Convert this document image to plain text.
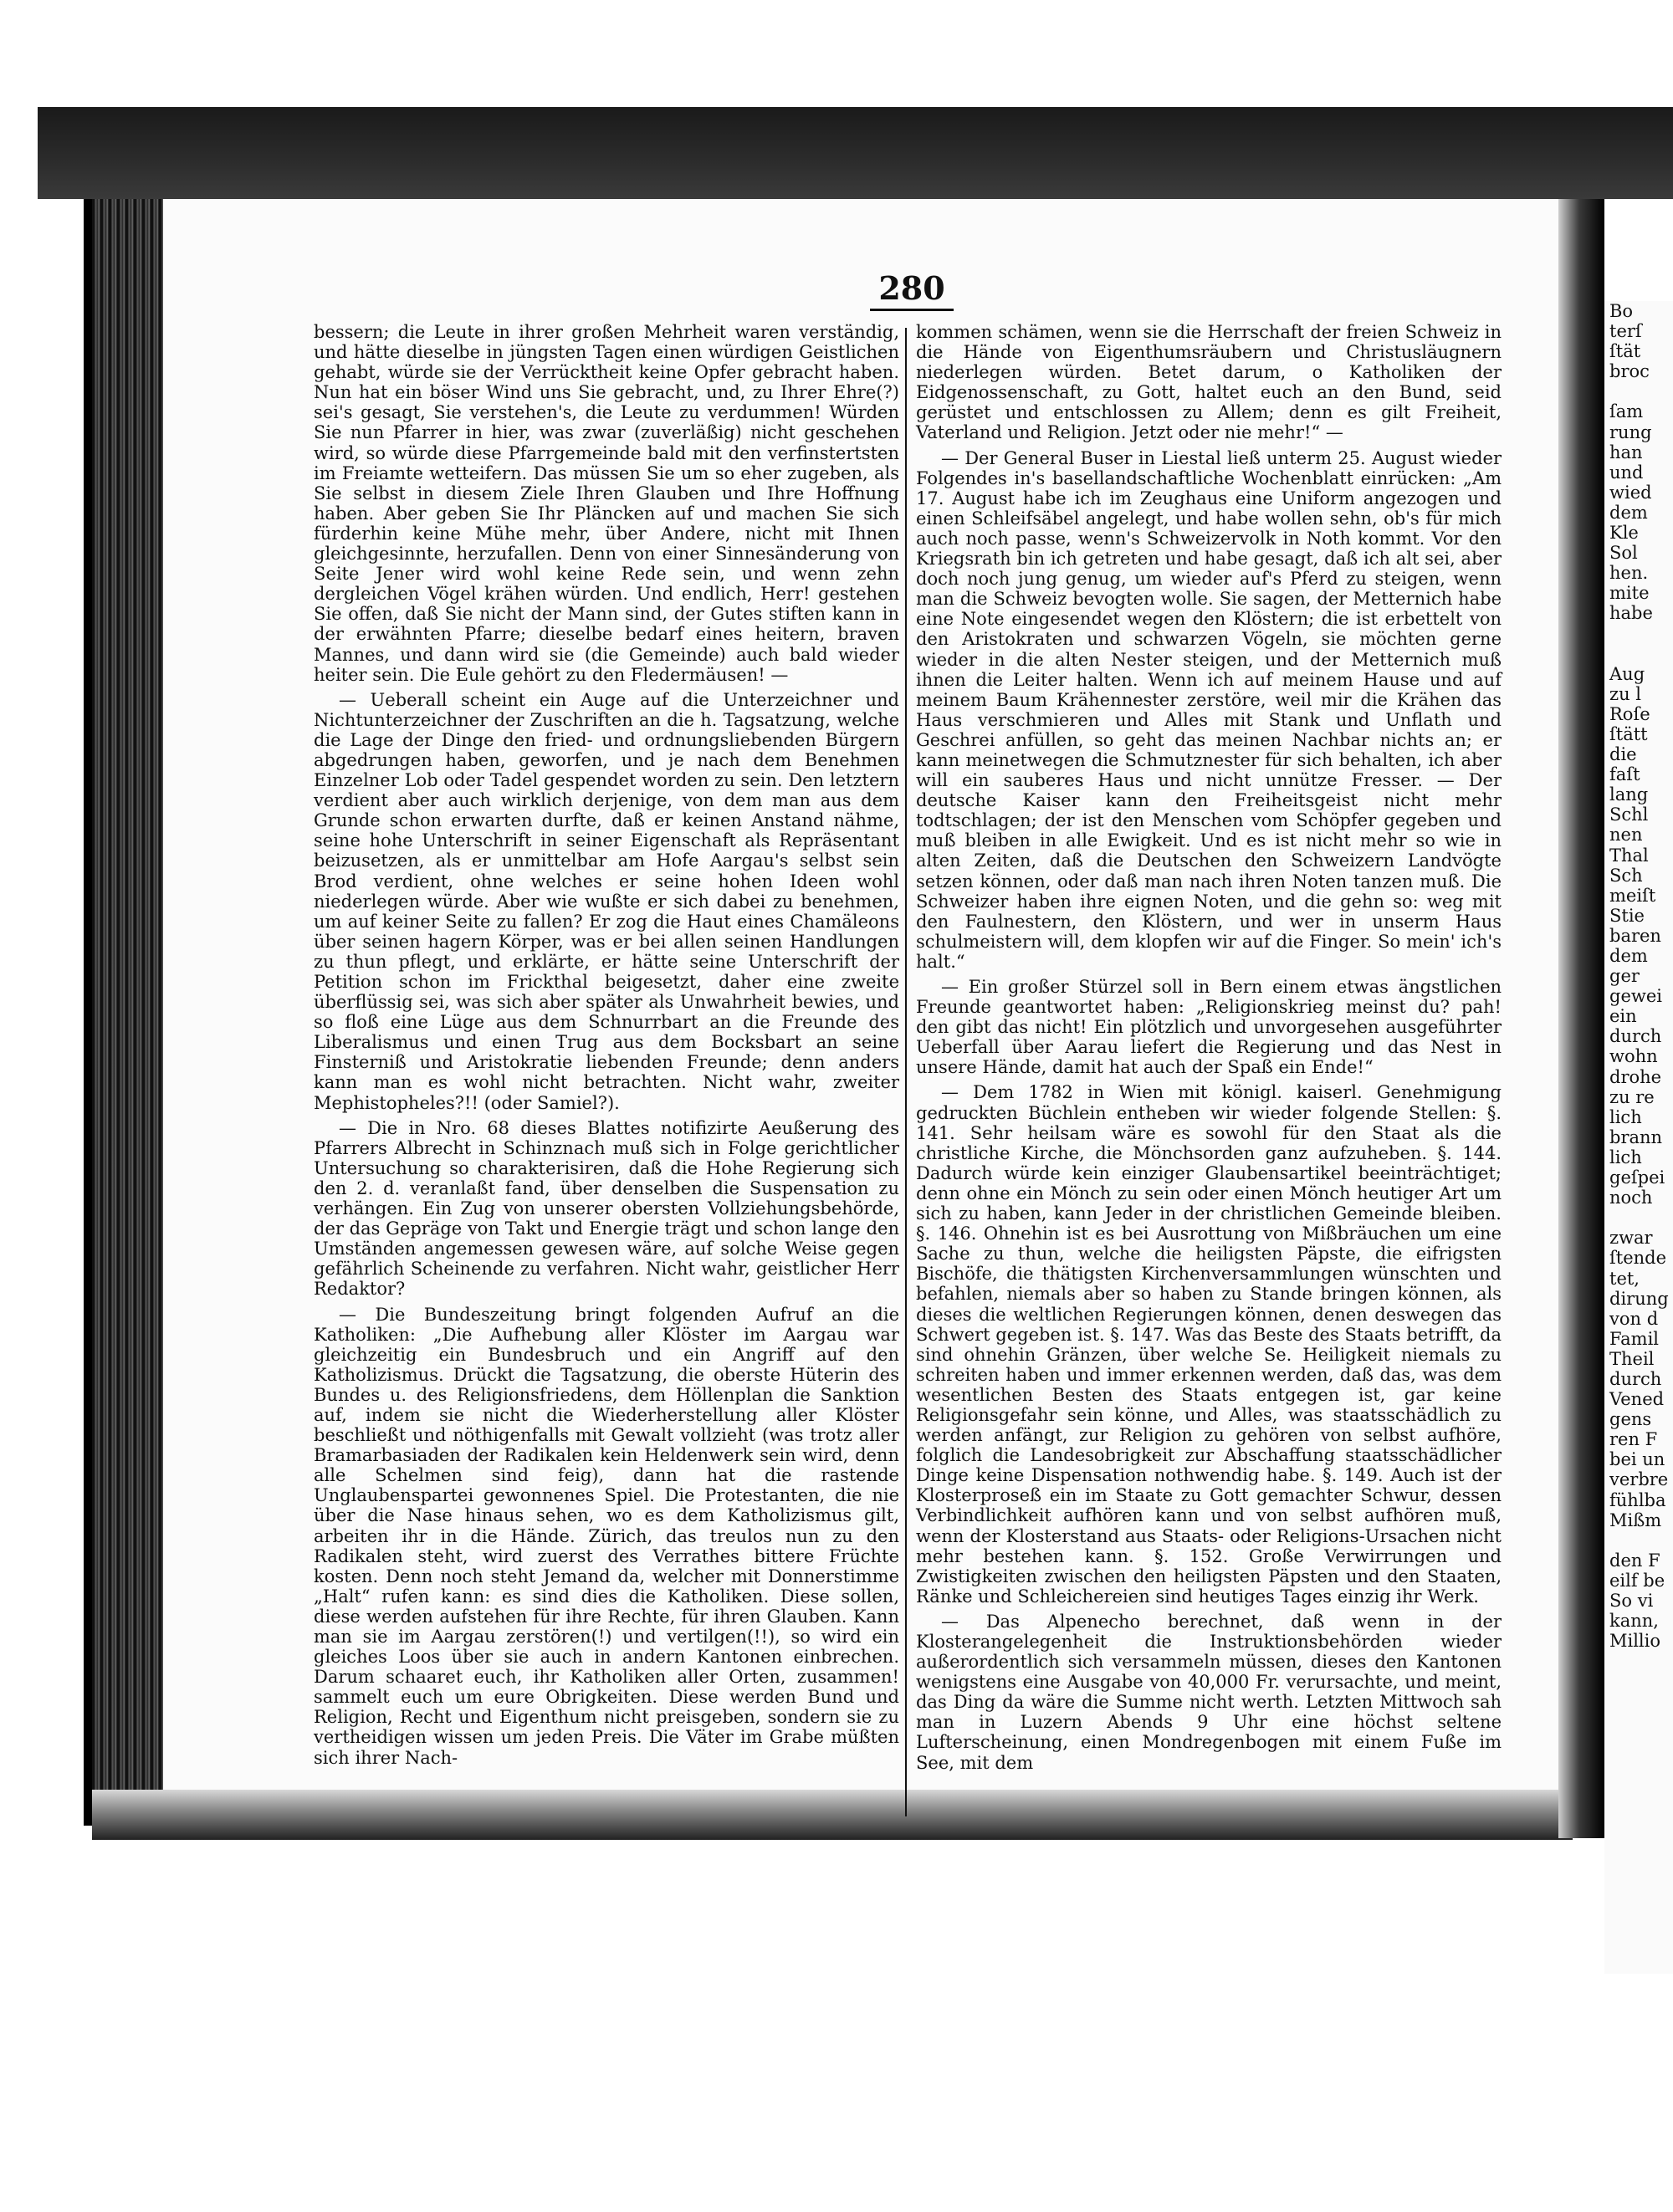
280

bessern; die Leute in ihrer großen Mehrheit waren verständig, und hätte dieselbe in jüngsten Tagen einen würdigen Geistlichen gehabt, würde sie der Verrücktheit keine Opfer gebracht haben. Nun hat ein böser Wind uns Sie gebracht, und, zu Ihrer Ehre(?) sei's gesagt, Sie verstehen's, die Leute zu verdummen! Würden Sie nun Pfarrer in hier, was zwar (zuverläßig) nicht geschehen wird, so würde diese Pfarrgemeinde bald mit den verfinstertsten im Freiamte wetteifern. Das müssen Sie um so eher zugeben, als Sie selbst in diesem Ziele Ihren Glauben und Ihre Hoffnung haben. Aber geben Sie Ihr Pläncken auf und machen Sie sich fürderhin keine Mühe mehr, über Andere, nicht mit Ihnen gleichgesinnte, herzufallen. Denn von einer Sinnesänderung von Seite Jener wird wohl keine Rede sein, und wenn zehn dergleichen Vögel krähen würden. Und endlich, Herr! gestehen Sie offen, daß Sie nicht der Mann sind, der Gutes stiften kann in der erwähnten Pfarre; dieselbe bedarf eines heitern, braven Mannes, und dann wird sie (die Gemeinde) auch bald wieder heiter sein. Die Eule gehört zu den Fledermäusen! —

— Ueberall scheint ein Auge auf die Unterzeichner und Nichtunterzeichner der Zuschriften an die h. Tagsatzung, welche die Lage der Dinge den fried- und ordnungsliebenden Bürgern abgedrungen haben, geworfen, und je nach dem Benehmen Einzelner Lob oder Tadel gespendet worden zu sein. Den letztern verdient aber auch wirklich derjenige, von dem man aus dem Grunde schon erwarten durfte, daß er keinen Anstand nähme, seine hohe Unterschrift in seiner Eigenschaft als Repräsentant beizusetzen, als er unmittelbar am Hofe Aargau's selbst sein Brod verdient, ohne welches er seine hohen Ideen wohl niederlegen würde. Aber wie wußte er sich dabei zu benehmen, um auf keiner Seite zu fallen? Er zog die Haut eines Chamäleons über seinen hagern Körper, was er bei allen seinen Handlungen zu thun pflegt, und erklärte, er hätte seine Unterschrift der Petition schon im Frickthal beigesetzt, daher eine zweite überflüssig sei, was sich aber später als Unwahrheit bewies, und so floß eine Lüge aus dem Schnurrbart an die Freunde des Liberalismus und einen Trug aus dem Bocksbart an seine Finsterniß und Aristokratie liebenden Freunde; denn anders kann man es wohl nicht betrachten. Nicht wahr, zweiter Mephistopheles?!! (oder Samiel?).

— Die in Nro. 68 dieses Blattes notifizirte Aeußerung des Pfarrers Albrecht in Schinznach muß sich in Folge gerichtlicher Untersuchung so charakterisiren, daß die Hohe Regierung sich den 2. d. veranlaßt fand, über denselben die Suspensation zu verhängen. Ein Zug von unserer obersten Vollziehungsbehörde, der das Gepräge von Takt und Energie trägt und schon lange den Umständen angemessen gewesen wäre, auf solche Weise gegen gefährlich Scheinende zu verfahren. Nicht wahr, geistlicher Herr Redaktor?

— Die Bundeszeitung bringt folgenden Aufruf an die Katholiken: „Die Aufhebung aller Klöster im Aargau war gleichzeitig ein Bundesbruch und ein Angriff auf den Katholizismus. Drückt die Tagsatzung, die oberste Hüterin des Bundes u. des Religionsfriedens, dem Höllenplan die Sanktion auf, indem sie nicht die Wiederherstellung aller Klöster beschließt und nöthigenfalls mit Gewalt vollzieht (was trotz aller Bramarbasiaden der Radikalen kein Heldenwerk sein wird, denn alle Schelmen sind feig), dann hat die rastende Unglaubenspartei gewonnenes Spiel. Die Protestanten, die nie über die Nase hinaus sehen, wo es dem Katholizismus gilt, arbeiten ihr in die Hände. Zürich, das treulos nun zu den Radikalen steht, wird zuerst des Verrathes bittere Früchte kosten. Denn noch steht Jemand da, welcher mit Donnerstimme „Halt“ rufen kann: es sind dies die Katholiken. Diese sollen, diese werden aufstehen für ihre Rechte, für ihren Glauben. Kann man sie im Aargau zerstören(!) und vertilgen(!!), so wird ein gleiches Loos über sie auch in andern Kantonen einbrechen. Darum schaaret euch, ihr Katholiken aller Orten, zusammen! sammelt euch um eure Obrigkeiten. Diese werden Bund und Religion, Recht und Eigenthum nicht preisgeben, sondern sie zu vertheidigen wissen um jeden Preis. Die Väter im Grabe müßten sich ihrer Nach-

kommen schämen, wenn sie die Herrschaft der freien Schweiz in die Hände von Eigenthumsräubern und Christusläugnern niederlegen würden. Betet darum, o Katholiken der Eidgenossenschaft, zu Gott, haltet euch an den Bund, seid gerüstet und entschlossen zu Allem; denn es gilt Freiheit, Vaterland und Religion. Jetzt oder nie mehr!“ —

— Der General Buser in Liestal ließ unterm 25. August wieder Folgendes in's basellandschaftliche Wochenblatt einrücken: „Am 17. August habe ich im Zeughaus eine Uniform angezogen und einen Schleifsäbel angelegt, und habe wollen sehn, ob's für mich auch noch passe, wenn's Schweizervolk in Noth kommt. Vor den Kriegsrath bin ich getreten und habe gesagt, daß ich alt sei, aber doch noch jung genug, um wieder auf's Pferd zu steigen, wenn man die Schweiz bevogten wolle. Sie sagen, der Metternich habe eine Note eingesendet wegen den Klöstern; die ist erbettelt von den Aristokraten und schwarzen Vögeln, sie möchten gerne wieder in die alten Nester steigen, und der Metternich muß ihnen die Leiter halten. Wenn ich auf meinem Hause und auf meinem Baum Krähennester zerstöre, weil mir die Krähen das Haus verschmieren und Alles mit Stank und Unflath und Geschrei anfüllen, so geht das meinen Nachbar nichts an; er kann meinetwegen die Schmutznester für sich behalten, ich aber will ein sauberes Haus und nicht unnütze Fresser. — Der deutsche Kaiser kann den Freiheitsgeist nicht mehr todtschlagen; der ist den Menschen vom Schöpfer gegeben und muß bleiben in alle Ewigkeit. Und es ist nicht mehr so wie in alten Zeiten, daß die Deutschen den Schweizern Landvögte setzen können, oder daß man nach ihren Noten tanzen muß. Die Schweizer haben ihre eignen Noten, und die gehn so: weg mit den Faulnestern, den Klöstern, und wer in unserm Haus schulmeistern will, dem klopfen wir auf die Finger. So mein' ich's halt.“

— Ein großer Stürzel soll in Bern einem etwas ängstlichen Freunde geantwortet haben: „Religionskrieg meinst du? pah! den gibt das nicht! Ein plötzlich und unvorgesehen ausgeführter Ueberfall über Aarau liefert die Regierung und das Nest in unsere Hände, damit hat auch der Spaß ein Ende!“

— Dem 1782 in Wien mit königl. kaiserl. Genehmigung gedruckten Büchlein entheben wir wieder folgende Stellen: §. 141. Sehr heilsam wäre es sowohl für den Staat als die christliche Kirche, die Mönchsorden ganz aufzuheben. §. 144. Dadurch würde kein einziger Glaubensartikel beeinträchtiget; denn ohne ein Mönch zu sein oder einen Mönch heutiger Art um sich zu haben, kann Jeder in der christlichen Gemeinde bleiben. §. 146. Ohnehin ist es bei Ausrottung von Mißbräuchen um eine Sache zu thun, welche die heiligsten Päpste, die eifrigsten Bischöfe, die thätigsten Kirchenversammlungen wünschten und befahlen, niemals aber so haben zu Stande bringen können, als dieses die weltlichen Regierungen können, denen deswegen das Schwert gegeben ist. §. 147. Was das Beste des Staats betrifft, da sind ohnehin Gränzen, über welche Se. Heiligkeit niemals zu schreiten haben und immer erkennen werden, daß das, was dem wesentlichen Besten des Staats entgegen ist, gar keine Religionsgefahr sein könne, und Alles, was staatsschädlich zu werden anfängt, zur Religion zu gehören von selbst aufhöre, folglich die Landesobrigkeit zur Abschaffung staatsschädlicher Dinge keine Dispensation nothwendig habe. §. 149. Auch ist der Klosterproseß ein im Staate zu Gott gemachter Schwur, dessen Verbindlichkeit aufhören kann und von selbst aufhören muß, wenn der Klosterstand aus Staats- oder Religions-Ursachen nicht mehr bestehen kann. §. 152. Große Verwirrungen und Zwistigkeiten zwischen den heiligsten Päpsten und den Staaten, Ränke und Schleichereien sind heutiges Tages einzig ihr Werk.

— Das Alpenecho berechnet, daß wenn in der Klosterangelegenheit die Instruktionsbehörden wieder außerordentlich sich versammeln müssen, dieses den Kantonen wenigstens eine Ausgabe von 40,000 Fr. verursachte, und meint, das Ding da wäre die Summe nicht werth. Letzten Mittwoch sah man in Luzern Abends 9 Uhr eine höchst seltene Lufterscheinung, einen Mondregenbogen mit einem Fuße im See, mit dem

Bo
terſ
ſtät
broc

ſam
rung
han
und
wied
dem
Kle
Sol
hen.
mite
habe

Aug
zu l
Roſe
ſtätt
die
faſt
lang
Schl
nen
Thal
Sch
meiſt
Stie
baren
dem
ger
gewei
ein
durch
wohn
drohe
zu re
lich
brann
lich
geſpei
noch

zwar
ſtende
tet,
dirung
von d
Famil
Theil
durch
Vened
gens
ren F
bei un
verbre
fühlba
Mißm

den F
eilf be
So vi
kann,
Millio
